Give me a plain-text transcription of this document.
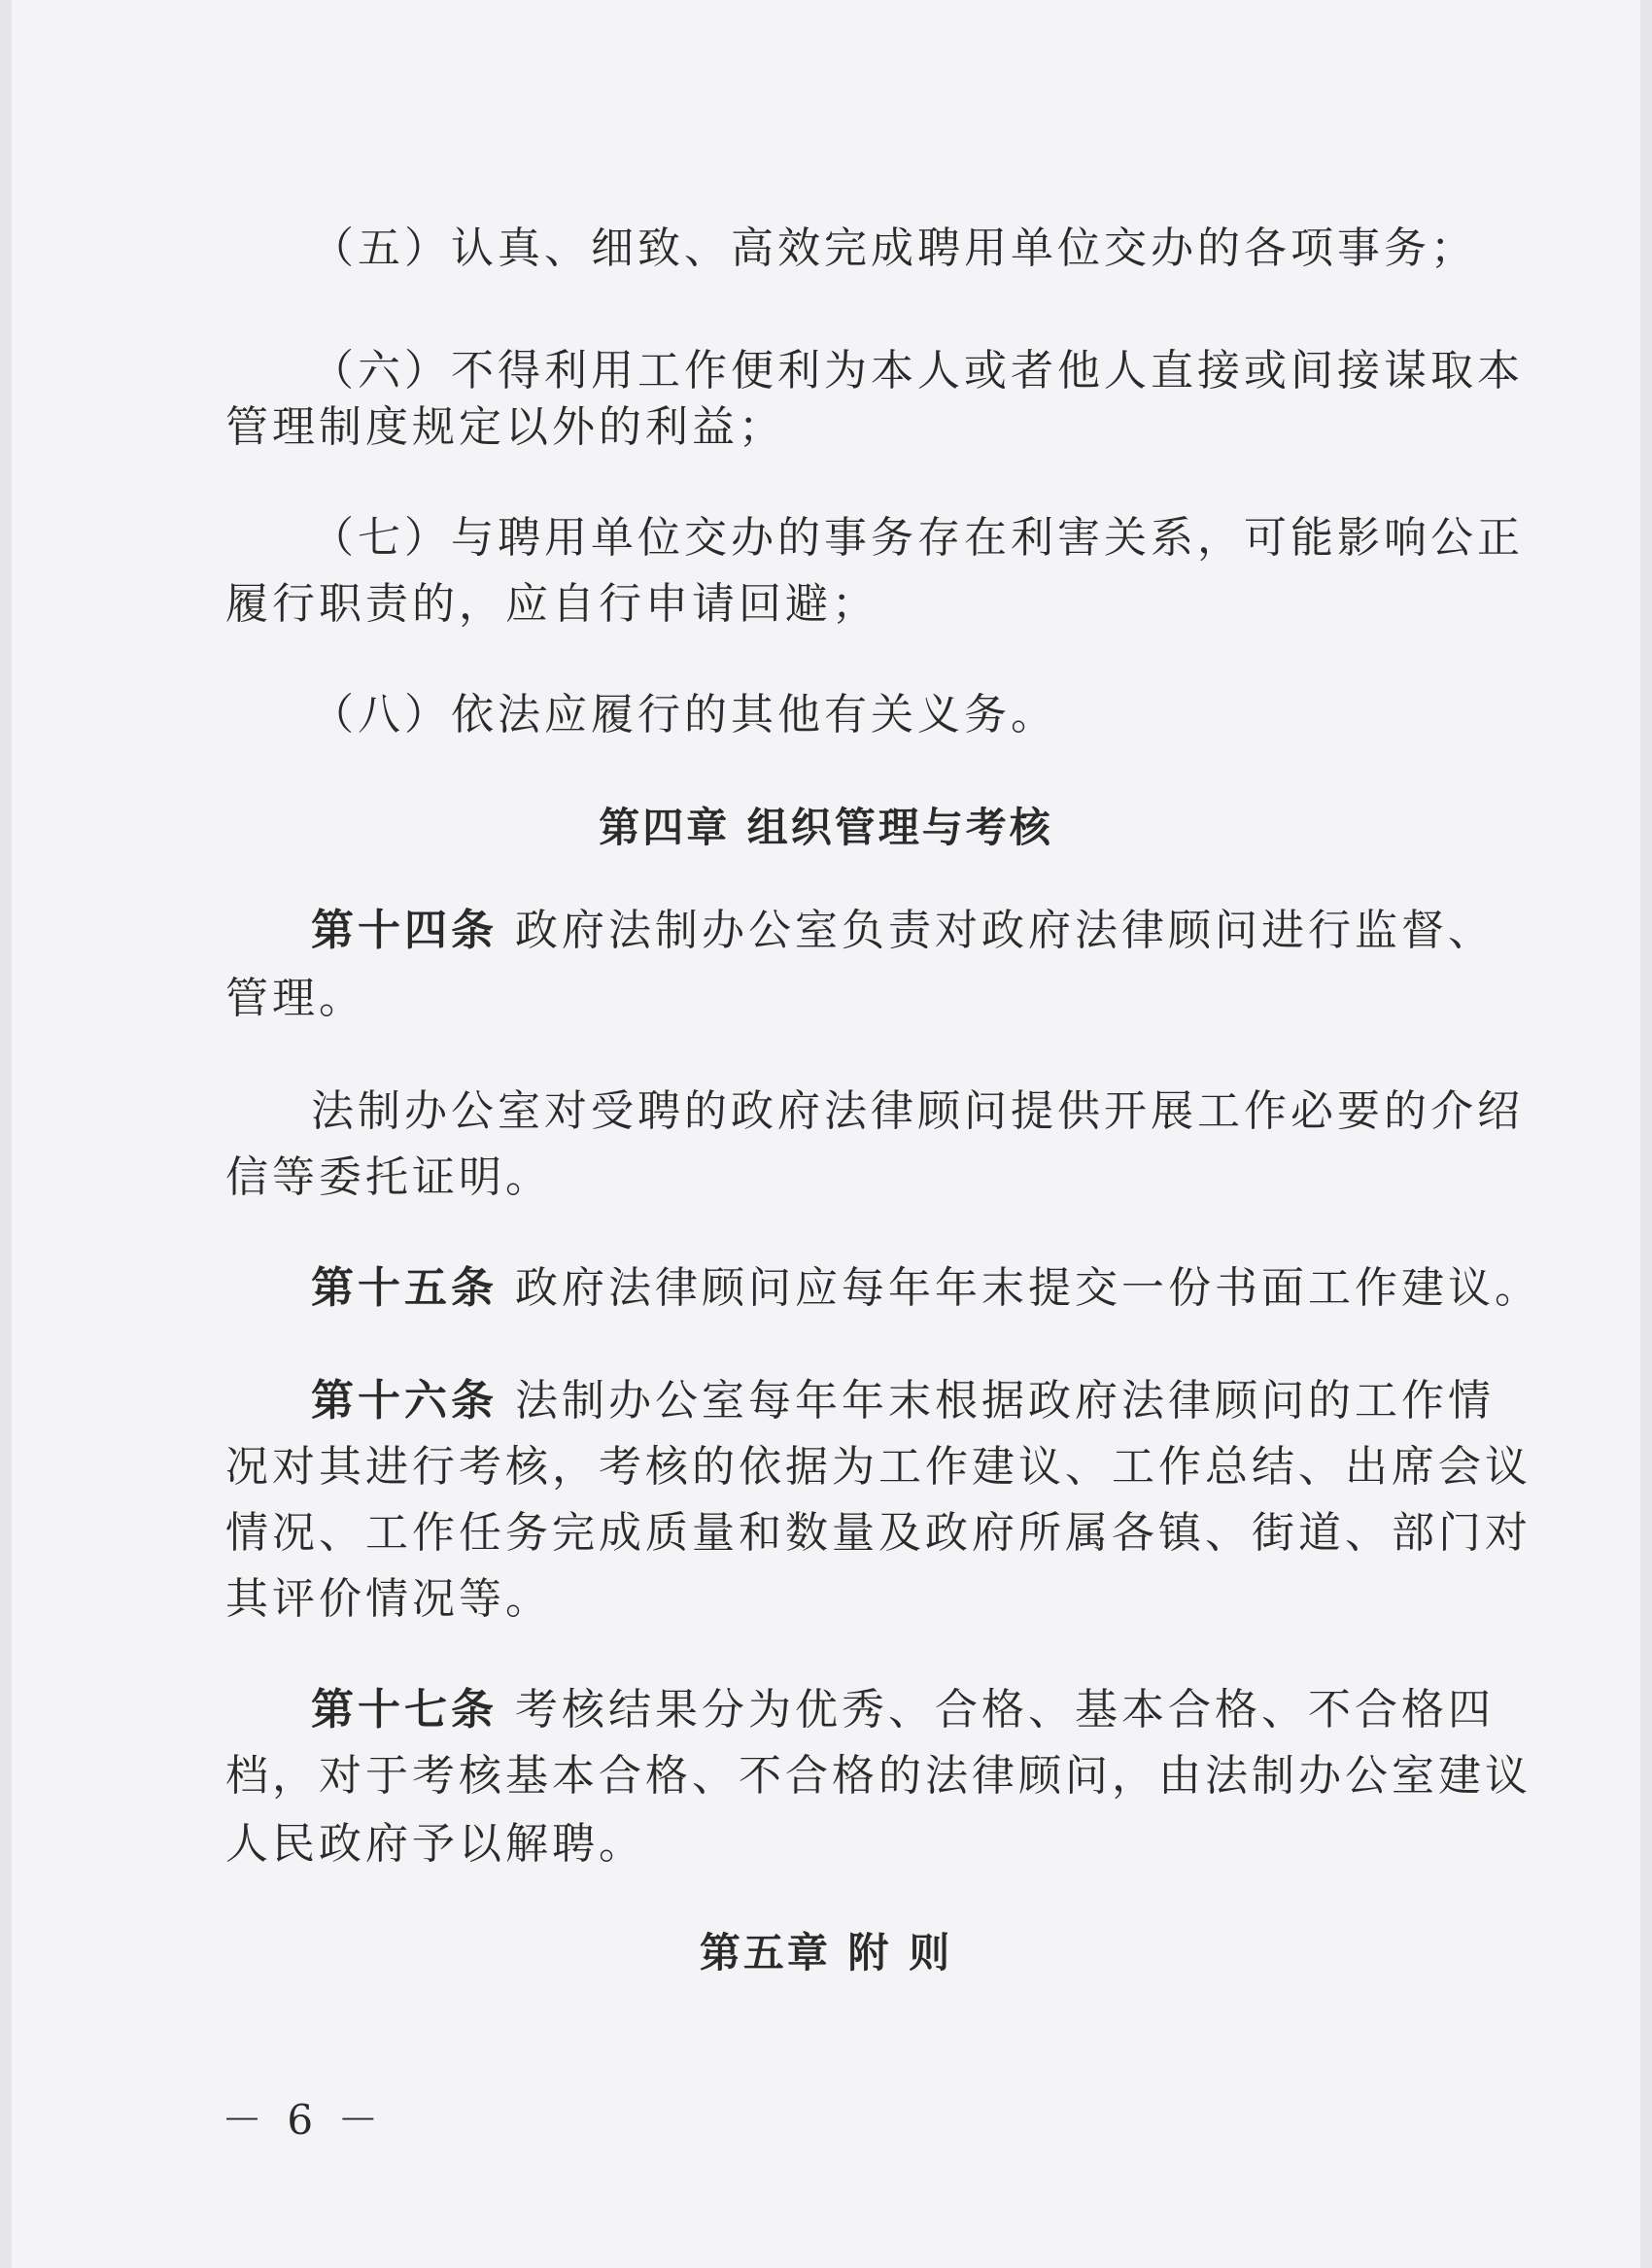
（五）认真、细致、高效完成聘用单位交办的各项事务；

（六）不得利用工作便利为本人或者他人直接或间接谋取本

管理制度规定以外的利益；

（七）与聘用单位交办的事务存在利害关系，可能影响公正

履行职责的，应自行申请回避；

（八）依法应履行的其他有关义务。

第四章 组织管理与考核

第十四条 政府法制办公室负责对政府法律顾问进行监督、

管理。

法制办公室对受聘的政府法律顾问提供开展工作必要的介绍

信等委托证明。

第十五条 政府法律顾问应每年年末提交一份书面工作建议。

第十六条 法制办公室每年年末根据政府法律顾问的工作情

况对其进行考核，考核的依据为工作建议、工作总结、出席会议

情况、工作任务完成质量和数量及政府所属各镇、街道、部门对

其评价情况等。

第十七条 考核结果分为优秀、合格、基本合格、不合格四

档，对于考核基本合格、不合格的法律顾问，由法制办公室建议

人民政府予以解聘。

第五章 附 则

－ 6 －
